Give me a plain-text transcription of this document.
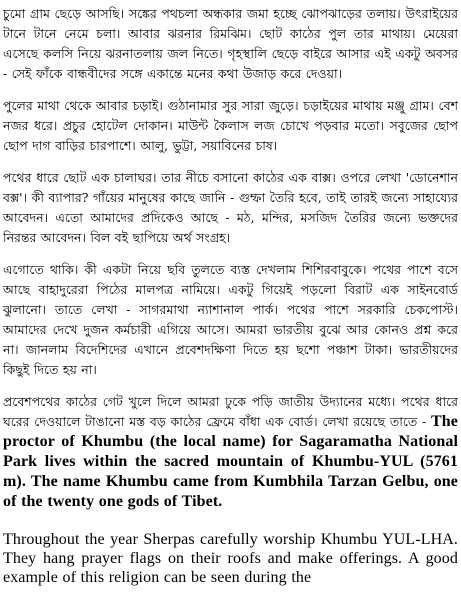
চুমো গ্রাম ছেড়ে আসছি। সঙ্কের পথচলা অন্ধকার জমা হচ্ছে ঝোপঝাড়ের তলায়। উৎরাইয়ের টানে টানে নেমে চলা। আবার ঝরনার রিমঝিম। ছোট কাঠের পুল তার মাথায়। মেয়েরা এসেছে কলসি নিয়ে ঝরনাতলায় জল নিতে। গৃহস্থালি ছেড়ে বাইরে আসার এই একটু অবসর - সেই ফাঁকে বান্ধবীদের সঙ্গে একান্তে মনের কথা উজাড় করে দেওয়া।

পুলের মাথা থেকে আবার চড়াই। গুঠানামার সুর সারা জুড়ে। চড়াইয়ের মাথায় মঞ্জু গ্রাম। বেশ নজর ধরে। প্রচুর হোটেল দোকান। মাউন্ট কৈলাস লজ চোখে পড়বার মতো। সবুজের ছোপ ছোপ দাগ বাড়ির চারপাশে। আলু, ভুট্টা, সয়াবিনের চাষ।

পথের ধারে ছোট এক চালাঘর। তার নীচে বসানো কাঠের এক বাক্স। ওপরে লেখা 'ডোনেশান বক্স'। কী ব্যাপার? গাঁয়ের মানুষের কাছে জানি - গুম্ফা তৈরি হবে, তাই তারই জন্যে সাহায্যের আবেদন। এতো আমাদের প্রদিকেও আছে - মঠ, মন্দির, মসজিদ তৈরির জন্যে ভক্তদের নিরন্তর আবেদন। বিল বই ছাপিয়ে অর্থ সংগ্রহ।

এগোতে থাকি। কী একটা নিয়ে ছবি তুলতে ব্যস্ত দেখলাম শিশিরবাবুকে। পথের পাশে বসে আছে বাহাদুরেরা পিঠের মালপত্র নামিয়ে। একটু গিয়েই পড়লো বিরাট এক সাইনবোর্ড ঝুলানো। তাতে লেখা - সাগরমাথা ন্যাশানাল পার্ক। পথের পাশে সরকারি চেকপোস্ট। আমাদের দেখে দুজন কর্মচারী এগিয়ে আসে। আমরা ভারতীয় বুঝে আর কোনও প্রশ্ন করে না। জানলাম বিদেশিদের এখানে প্রবেশদক্ষিণা দিতে হয় ছশো পঞ্চাশ টাকা। ভারতীয়দের কিছুই দিতে হয় না।

প্রবেশপথের কাঠের গেট খুলে দিলে আমরা ঢুকে পড়ি জাতীয় উদ্যানের মধ্যে। পথের ধারে ঘরের দেওয়ালে টাঙানো মস্ত বড় কাঠের ফ্রেমে বাঁধা এক বোর্ড। লেখা রয়েছে তাতে - The proctor of Khumbu (the local name) for Sagaramatha National Park lives within the sacred mountain of Khumbu-YUL (5761 m). The name Khumbu came from Kumbhila Tarzan Gelbu, one of the twenty one gods of Tibet.

Throughout the year Sherpas carefully worship Khumbu YUL-LHA. They hang prayer flags on their roofs and make offerings. A good example of this religion can be seen during the
